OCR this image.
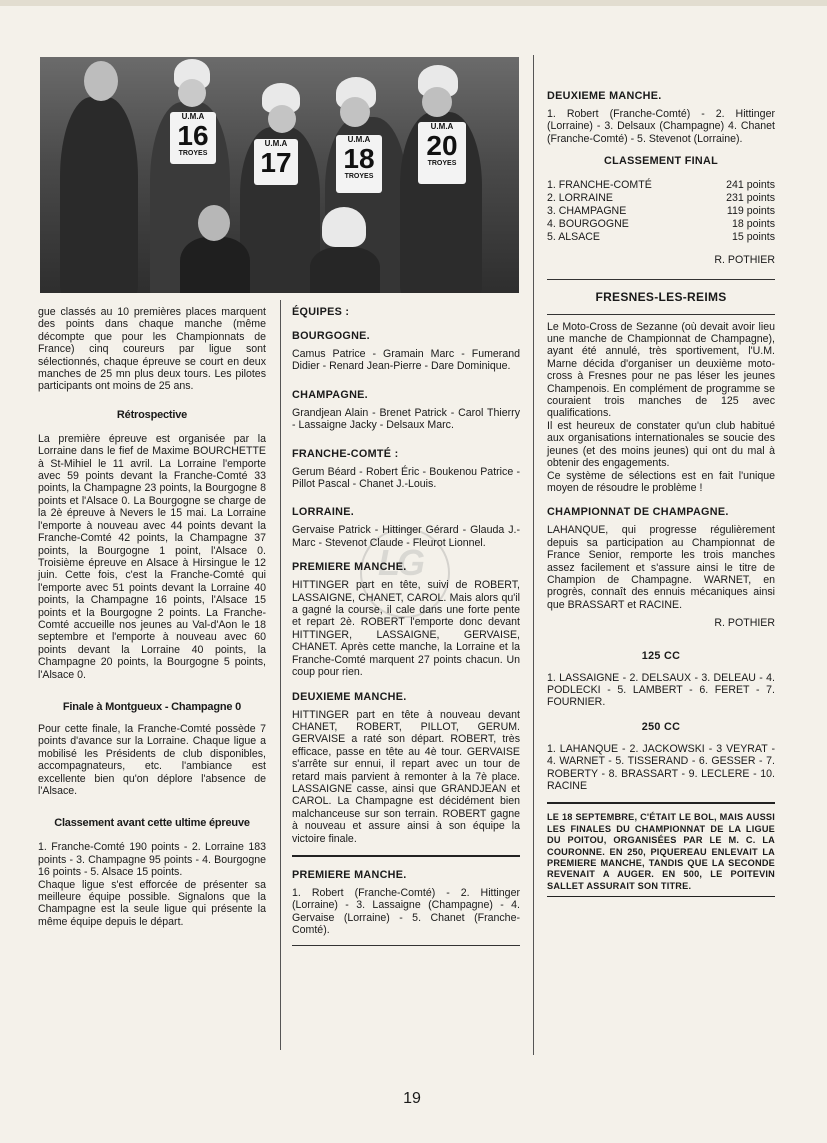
U.M.A
16
TROYES
U.M.A
17
U.M.A
18
TROYES
U.M.A
20
TROYES
LG

gue classés au 10 premières places marquent des points dans chaque manche (même décompte que pour les Championnats de France) cinq coureurs par ligue sont sélectionnés, chaque épreuve se court en deux manches de 25 mn plus deux tours. Les pilotes participants ont moins de 25 ans.

Rétrospective

La première épreuve est organisée par la Lorraine dans le fief de Maxime BOURCHETTE à St-Mihiel le 11 avril. La Lorraine l'emporte avec 59 points devant la Franche-Comté 33 points, la Champagne 23 points, la Bourgogne 8 points et l'Alsace 0. La Bourgogne se charge de la 2è épreuve à Nevers le 15 mai. La Lorraine l'emporte à nouveau avec 44 points devant la Franche-Comté 42 points, la Champagne 37 points, la Bourgogne 1 point, l'Alsace 0. Troisième épreuve en Alsace à Hirsingue le 12 juin. Cette fois, c'est la Franche-Comté qui l'emporte avec 51 points devant la Lorraine 40 points, la Champagne 16 points, l'Alsace 15 points et la Bourgogne 2 points. La Franche-Comté accueille nos jeunes au Val-d'Aon le 18 septembre et l'emporte à nouveau avec 60 points devant la Lorraine 40 points, la Champagne 20 points, la Bourgogne 5 points, l'Alsace 0.

Finale à Montgueux - Champagne 0

Pour cette finale, la Franche-Comté possède 7 points d'avance sur la Lorraine. Chaque ligue a mobilisé les Présidents de club disponibles, accompagnateurs, etc. l'ambiance est excellente bien qu'on déplore l'absence de l'Alsace.

Classement avant cette ultime épreuve

1. Franche-Comté 190 points - 2. Lorraine 183 points - 3. Champagne 95 points - 4. Bourgogne 16 points - 5. Alsace 15 points.

Chaque ligue s'est efforcée de présenter sa meilleure équipe possible. Signalons que la Champagne est la seule ligue qui présente la même équipe depuis le départ.

ÉQUIPES :
BOURGOGNE.

Camus Patrice - Gramain Marc - Fumerand Didier - Renard Jean-Pierre - Dare Dominique.

CHAMPAGNE.

Grandjean Alain - Brenet Patrick - Carol Thierry - Lassaigne Jacky - Delsaux Marc.

FRANCHE-COMTÉ :

Gerum Béard - Robert Éric - Boukenou Patrice - Pillot Pascal - Chanet J.-Louis.

LORRAINE.

Gervaise Patrick - Hittinger Gérard - Glauda J.-Marc - Stevenot Claude - Fleurot Lionnel.

PREMIERE MANCHE.

HITTINGER part en tête, suivi de ROBERT, LASSAIGNE, CHANET, CAROL. Mais alors qu'il a gagné la course, il cale dans une forte pente et repart 2è. ROBERT l'emporte donc devant HITTINGER, LASSAIGNE, GERVAISE, CHANET. Après cette manche, la Lorraine et la Franche-Comté marquent 27 points chacun. Un coup pour rien.

DEUXIEME MANCHE.

HITTINGER part en tête à nouveau devant CHANET, ROBERT, PILLOT, GERUM. GERVAISE a raté son départ. ROBERT, très efficace, passe en tête au 4è tour. GERVAISE s'arrête sur ennui, il repart avec un tour de retard mais parvient à remonter à la 7è place. LASSAIGNE casse, ainsi que GRANDJEAN et CAROL. La Champagne est décidément bien malchanceuse sur son terrain. ROBERT gagne à nouveau et assure ainsi à son équipe la victoire finale.

PREMIERE MANCHE.

1. Robert (Franche-Comté) - 2. Hittinger (Lorraine) - 3. Lassaigne (Champagne) - 4. Gervaise (Lorraine) - 5. Chanet (Franche-Comté).

DEUXIEME MANCHE.

1. Robert (Franche-Comté) - 2. Hittinger (Lorraine) - 3. Delsaux (Champagne) 4. Chanet (Franche-Comté) - 5. Stevenot (Lorraine).

CLASSEMENT FINAL
1. FRANCHE-COMTÉ	241 points
2. LORRAINE	231 points
3. CHAMPAGNE	119 points
4. BOURGOGNE	18 points
5. ALSACE	15 points

R. POTHIER

FRESNES-LES-REIMS

Le Moto-Cross de Sezanne (où devait avoir lieu une manche de Championnat de Champagne), ayant été annulé, très sportivement, l'U.M. Marne décida d'organiser un deuxième moto-cross à Fresnes pour ne pas léser les jeunes Champenois. En complément de programme se couraient trois manches de 125 avec qualifications.

Il est heureux de constater qu'un club habitué aux organisations internationales se soucie des jeunes (et des moins jeunes) qui ont du mal à obtenir des engagements.

Ce système de sélections est en fait l'unique moyen de résoudre le problème !

CHAMPIONNAT DE CHAMPAGNE.

LAHANQUE, qui progresse régulièrement depuis sa participation au Championnat de France Senior, remporte les trois manches assez facilement et s'assure ainsi le titre de Champion de Champagne. WARNET, en progrès, connaît des ennuis mécaniques ainsi que BRASSART et RACINE.

R. POTHIER

125 CC

1. LASSAIGNE - 2. DELSAUX - 3. DELEAU - 4. PODLECKI - 5. LAMBERT - 6. FERET - 7. FOURNIER.

250 CC

1. LAHANQUE - 2. JACKOWSKI - 3 VEYRAT - 4. WARNET - 5. TISSERAND - 6. GESSER - 7. ROBERTY - 8. BRASSART - 9. LECLERE - 10. RACINE

LE 18 SEPTEMBRE, C'ÉTAIT LE BOL, MAIS AUSSI LES FINALES DU CHAMPIONNAT DE LA LIGUE DU POITOU, ORGANISÉES PAR LE M. C. LA COURONNE. EN 250, PIQUEREAU ENLEVAIT LA PREMIERE MANCHE, TANDIS QUE LA SECONDE REVENAIT A AUGER. EN 500, LE POITEVIN SALLET ASSURAIT SON TITRE.
19
